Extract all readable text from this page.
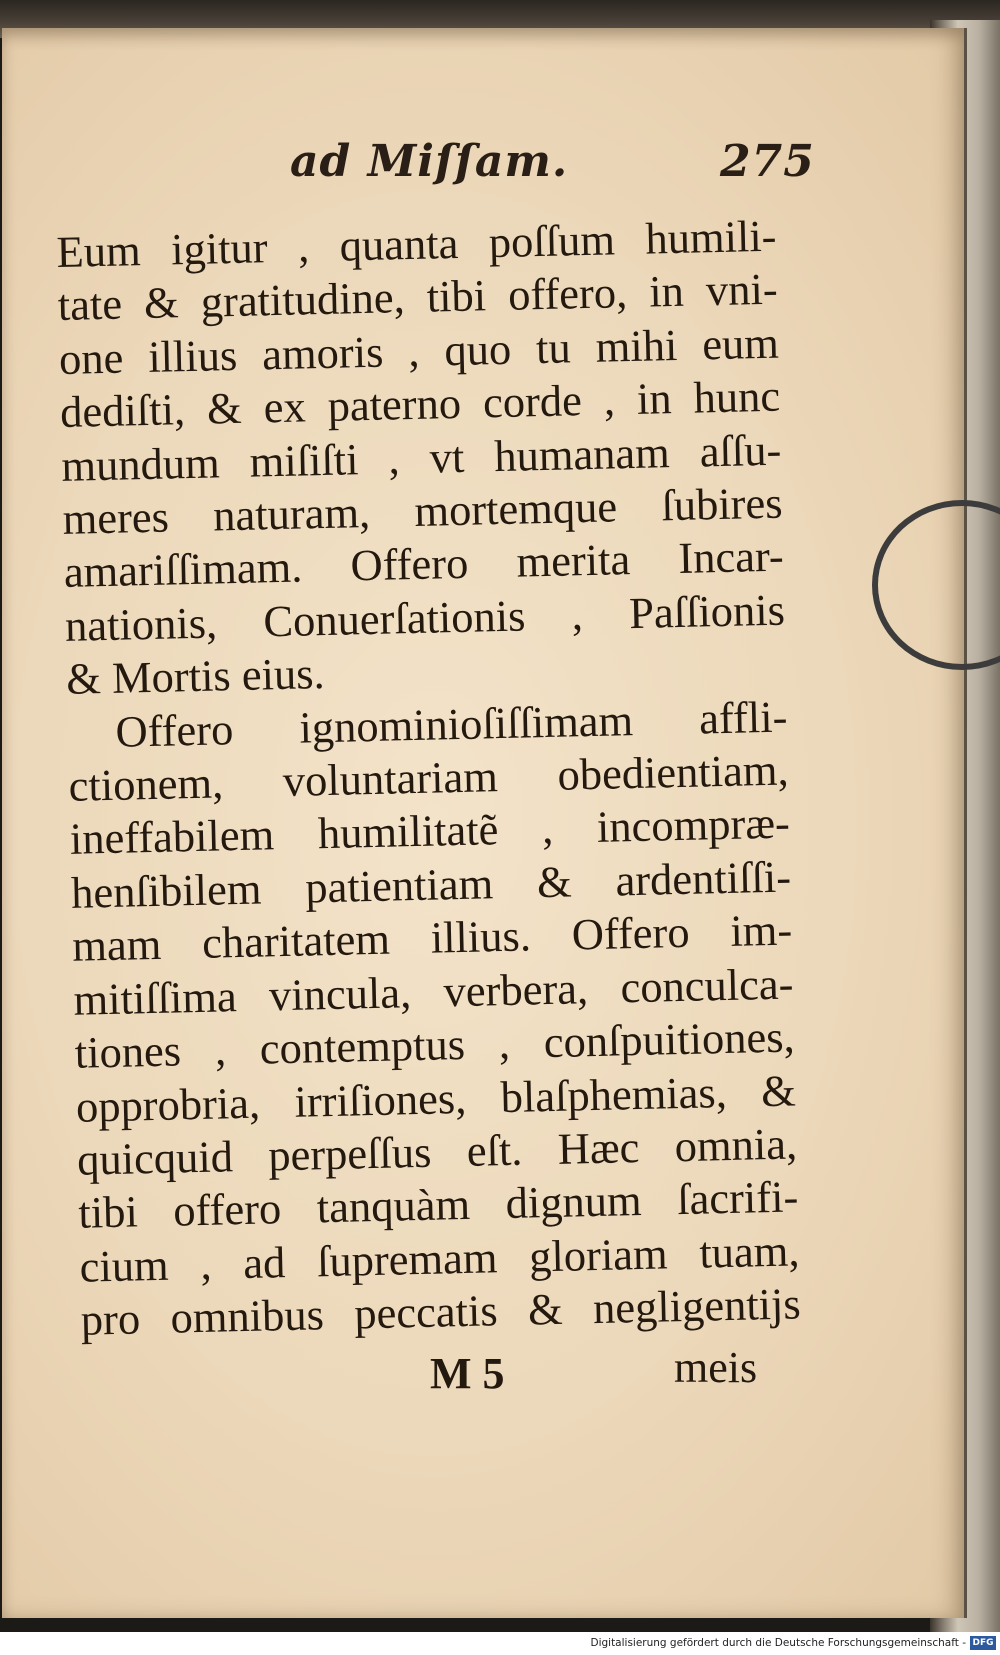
ad Miſſam.	275
Eum igitur , quanta poſſum humili-
tate & gratitudine, tibi offero, in vni-
one illius amoris , quo tu mihi eum
dediſti, & ex paterno corde , in hunc
mundum miſiſti , vt humanam aſſu-
meres naturam, mortemque ſubires
amariſſimam. Offero merita Incar-
nationis, Conuerſationis , Paſſionis
& Mortis eius.
Offero ignominioſiſſimam affli-
ctionem, voluntariam obedientiam,
ineffabilem humilitatẽ , incompræ-
henſibilem patientiam & ardentiſſi-
mam charitatem illius. Offero im-
mitiſſima vincula, verbera, conculca-
tiones , contemptus , conſpuitiones,
opprobria, irriſiones, blaſphemias, &
quicquid perpeſſus eſt. Hæc omnia,
tibi offero tanquàm dignum ſacrifi-
cium , ad ſupremam gloriam tuam,
pro omnibus peccatis & negligentijs
M 5	meis
Digitalisierung gefördert durch die Deutsche Forschungsgemeinschaft - DFG
